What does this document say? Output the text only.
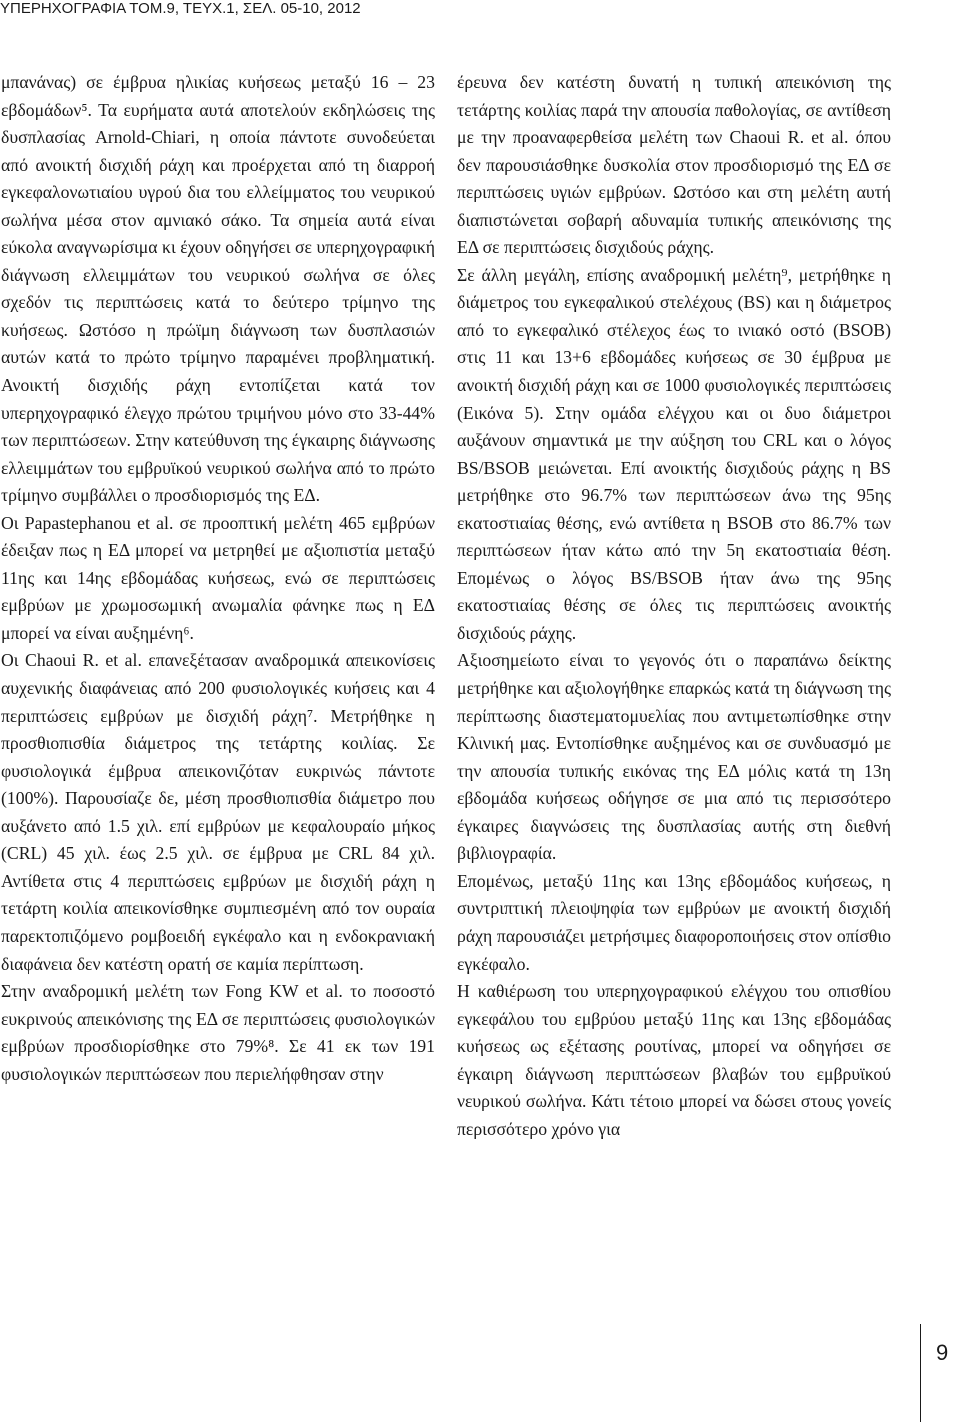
ΥΠΕΡΗΧΟΓΡΑΦΙΑ ΤΟΜ.9, ΤΕΥΧ.1, ΣΕΛ. 05-10, 2012

μπανάνας) σε έμβρυα ηλικίας κυήσεως μεταξύ 16 – 23 εβδομάδων⁵. Τα ευρήματα αυτά αποτελούν εκδηλώσεις της δυσπλασίας Arnold-Chiari, η οποία πάντοτε συνοδεύεται από ανοικτή δισχιδή ράχη και προέρχεται από τη διαρροή εγκεφαλονωτιαίου υγρού δια του ελλείμματος του νευρικού σωλήνα μέσα στον αμνιακό σάκο. Τα σημεία αυτά είναι εύκολα αναγνωρίσιμα κι έχουν οδηγήσει σε υπερηχογραφική διάγνωση ελλειμμάτων του νευρικού σωλήνα σε όλες σχεδόν τις περιπτώσεις κατά το δεύτερο τρίμηνο της κυήσεως. Ωστόσο η πρώϊμη διάγνωση των δυσπλασιών αυτών κατά το πρώτο τρίμηνο παραμένει προβληματική. Ανοικτή δισχιδής ράχη εντοπίζεται κατά τον υπερηχογραφικό έλεγχο πρώτου τριμήνου μόνο στο 33-44% των περιπτώσεων. Στην κατεύθυνση της έγκαιρης διάγνωσης ελλειμμάτων του εμβρυϊκού νευρικού σωλήνα από το πρώτο τρίμηνο συμβάλλει ο προσδιορισμός της ΕΔ.

Οι Papastephanou et al. σε προοπτική μελέτη 465 εμβρύων έδειξαν πως η ΕΔ μπορεί να μετρηθεί με αξιοπιστία μεταξύ 11ης και 14ης εβδομάδας κυήσεως, ενώ σε περιπτώσεις εμβρύων με χρωμοσωμική ανωμαλία φάνηκε πως η ΕΔ μπορεί να είναι αυξημένη⁶.

Οι Chaoui R. et al. επανεξέτασαν αναδρομικά απεικονίσεις αυχενικής διαφάνειας από 200 φυσιολογικές κυήσεις και 4 περιπτώσεις εμβρύων με δισχιδή ράχη⁷. Μετρήθηκε η προσθιοπισθία διάμετρος της τετάρτης κοιλίας. Σε φυσιολογικά έμβρυα απεικονιζόταν ευκρινώς πάντοτε (100%). Παρουσίαζε δε, μέση προσθιοπισθία διάμετρο που αυξάνετο από 1.5 χιλ. επί εμβρύων με κεφαλουραίο μήκος (CRL) 45 χιλ. έως 2.5 χιλ. σε έμβρυα με CRL 84 χιλ. Αντίθετα στις 4 περιπτώσεις εμβρύων με δισχιδή ράχη η τετάρτη κοιλία απεικονίσθηκε συμπιεσμένη από τον ουραία παρεκτοπιζόμενο ρομβοειδή εγκέφαλο και η ενδοκρανιακή διαφάνεια δεν κατέστη ορατή σε καμία περίπτωση.

Στην αναδρομική μελέτη των Fong KW et al. το ποσοστό ευκρινούς απεικόνισης της ΕΔ σε περιπτώσεις φυσιολογικών εμβρύων προσδιορίσθηκε στο 79%⁸. Σε 41 εκ των 191 φυσιολογικών περιπτώσεων που περιελήφθησαν στην

έρευνα δεν κατέστη δυνατή η τυπική απεικόνιση της τετάρτης κοιλίας παρά την απουσία παθολογίας, σε αντίθεση με την προαναφερθείσα μελέτη των Chaoui R. et al. όπου δεν παρουσιάσθηκε δυσκολία στον προσδιορισμό της ΕΔ σε περιπτώσεις υγιών εμβρύων. Ωστόσο και στη μελέτη αυτή διαπιστώνεται σοβαρή αδυναμία τυπικής απεικόνισης της ΕΔ σε περιπτώσεις δισχιδούς ράχης.

Σε άλλη μεγάλη, επίσης αναδρομική μελέτη⁹, μετρήθηκε η διάμετρος του εγκεφαλικού στελέχους (BS) και η διάμετρος από το εγκεφαλικό στέλεχος έως το ινιακό οστό (BSOB) στις 11 και 13+6 εβδομάδες κυήσεως σε 30 έμβρυα με ανοικτή δισχιδή ράχη και σε 1000 φυσιολογικές περιπτώσεις (Εικόνα 5). Στην ομάδα ελέγχου και οι δυο διάμετροι αυξάνουν σημαντικά με την αύξηση του CRL και ο λόγος BS/BSOB μειώνεται. Επί ανοικτής δισχιδούς ράχης η BS μετρήθηκε στο 96.7% των περιπτώσεων άνω της 95ης εκατοστιαίας θέσης, ενώ αντίθετα η BSOB στο 86.7% των περιπτώσεων ήταν κάτω από την 5η εκατοστιαία θέση. Επομένως ο λόγος BS/BSOB ήταν άνω της 95ης εκατοστιαίας θέσης σε όλες τις περιπτώσεις ανοικτής δισχιδούς ράχης.

Αξιοσημείωτο είναι το γεγονός ότι ο παραπάνω δείκτης μετρήθηκε και αξιολογήθηκε επαρκώς κατά τη διάγνωση της περίπτωσης διαστεματομυελίας που αντιμετωπίσθηκε στην Κλινική μας. Εντοπίσθηκε αυξημένος και σε συνδυασμό με την απουσία τυπικής εικόνας της ΕΔ μόλις κατά τη 13η εβδομάδα κυήσεως οδήγησε σε μια από τις περισσότερο έγκαιρες διαγνώσεις της δυσπλασίας αυτής στη διεθνή βιβλιογραφία.

Επομένως, μεταξύ 11ης και 13ης εβδομάδος κυήσεως, η συντριπτική πλειοψηφία των εμβρύων με ανοικτή δισχιδή ράχη παρουσιάζει μετρήσιμες διαφοροποιήσεις στον οπίσθιο εγκέφαλο.

Η καθιέρωση του υπερηχογραφικού ελέγχου του οπισθίου εγκεφάλου του εμβρύου μεταξύ 11ης και 13ης εβδομάδας κυήσεως ως εξέτασης ρουτίνας, μπορεί να οδηγήσει σε έγκαιρη διάγνωση περιπτώσεων βλαβών του εμβρυϊκού νευρικού σωλήνα. Κάτι τέτοιο μπορεί να δώσει στους γονείς περισσότερο χρόνο για

9
